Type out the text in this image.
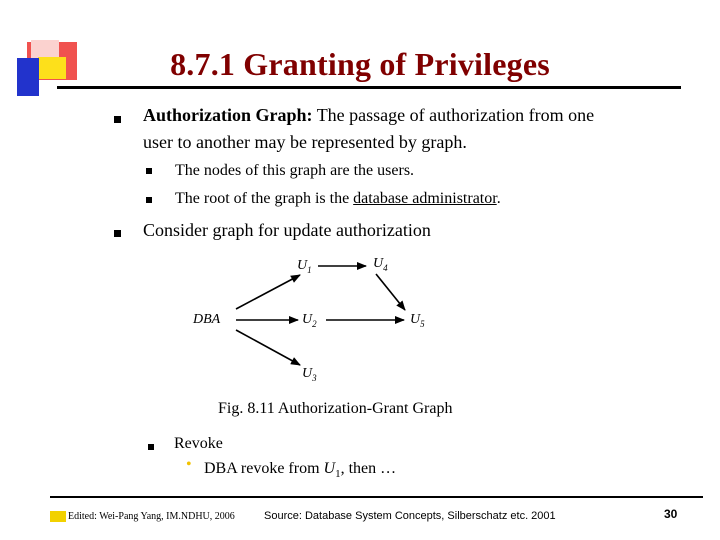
8.7.1 Granting of Privileges
Authorization Graph: The passage of authorization from one
user to another may be represented by graph.
The nodes of this graph are the users.
The root of the graph is the database administrator.
Consider graph for update authorization
DBA
$U_1$	$U_4$
$U_2$	$U_5$
$U_3$
Fig. 8.11 Authorization-Grant Graph
Revoke
• DBA revoke from $U_1$, then …
Edited: Wei-Pang Yang, IM.NDHU, 2006	Source: Database System Concepts, Silberschatz etc. 2001	30
